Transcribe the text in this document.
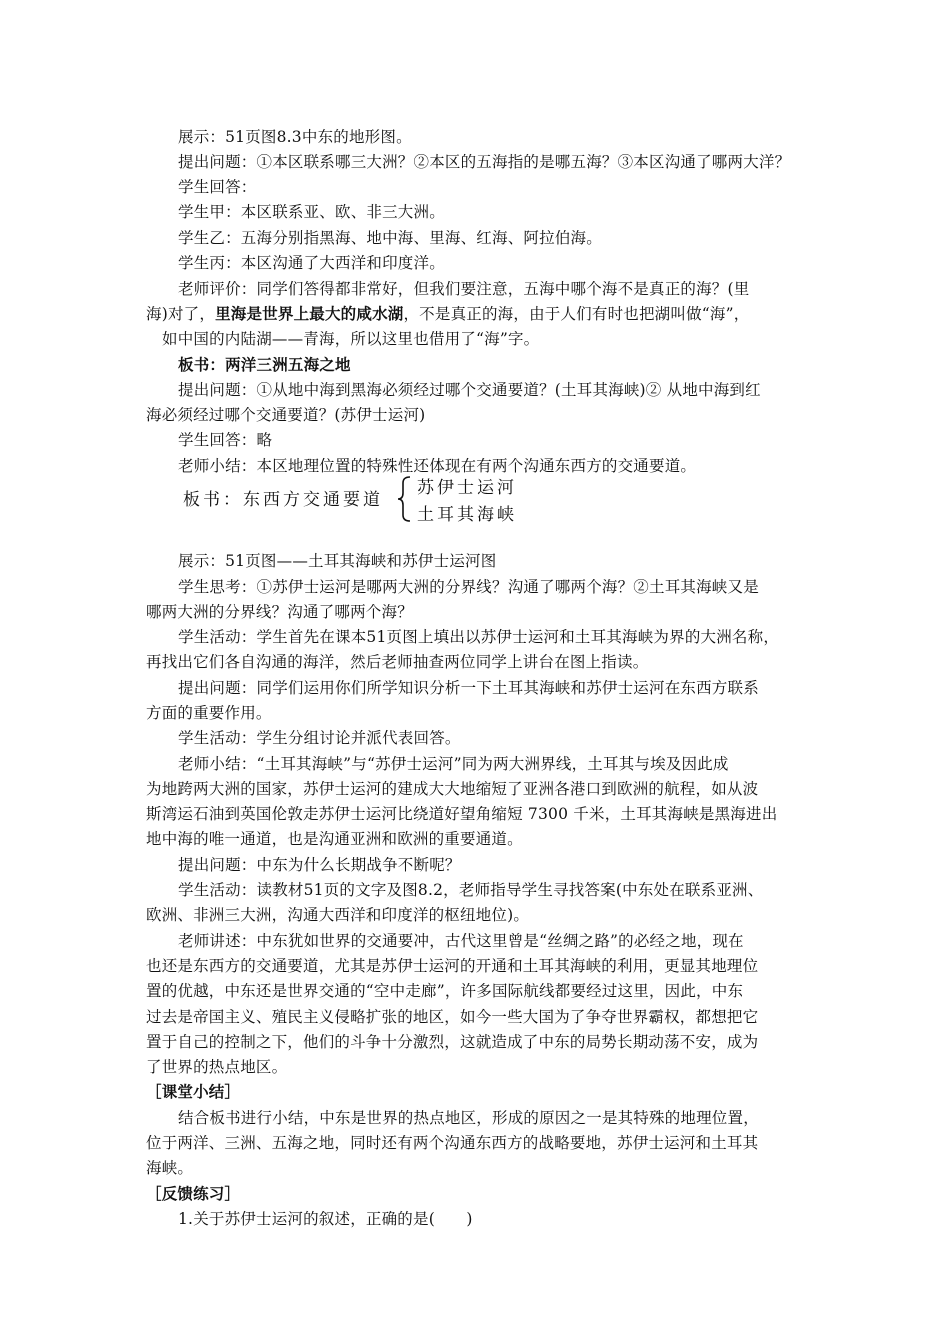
展示：51页图8.3中东的地形图。
提出问题：①本区联系哪三大洲？②本区的五海指的是哪五海？③本区沟通了哪两大洋？
学生回答：
学生甲：本区联系亚、欧、非三大洲。
学生乙：五海分别指黑海、地中海、里海、红海、阿拉伯海。
学生丙：本区沟通了大西洋和印度洋。
老师评价：同学们答得都非常好，但我们要注意，五海中哪个海不是真正的海？(里
海)对了，里海是世界上最大的咸水湖，不是真正的海，由于人们有时也把湖叫做“海”，
如中国的内陆湖——青海，所以这里也借用了“海”字。
板书：两洋三洲五海之地
提出问题：①从地中海到黑海必须经过哪个交通要道？(土耳其海峡)② 从地中海到红
海必须经过哪个交通要道？(苏伊士运河)
学生回答：略
老师小结：本区地理位置的特殊性还体现在有两个沟通东西方的交通要道。
板书：东西方交通要道
苏伊士运河
土耳其海峡
展示：51页图——土耳其海峡和苏伊士运河图
学生思考：①苏伊士运河是哪两大洲的分界线？沟通了哪两个海？②土耳其海峡又是
哪两大洲的分界线？沟通了哪两个海？
学生活动：学生首先在课本51页图上填出以苏伊士运河和土耳其海峡为界的大洲名称，
再找出它们各自沟通的海洋，然后老师抽查两位同学上讲台在图上指读。
提出问题：同学们运用你们所学知识分析一下土耳其海峡和苏伊士运河在东西方联系
方面的重要作用。
学生活动：学生分组讨论并派代表回答。
老师小结：“土耳其海峡”与“苏伊士运河”同为两大洲界线，土耳其与埃及因此成
为地跨两大洲的国家，苏伊士运河的建成大大地缩短了亚洲各港口到欧洲的航程，如从波
斯湾运石油到英国伦敦走苏伊士运河比绕道好望角缩短 7300 千米，土耳其海峡是黑海进出
地中海的唯一通道，也是沟通亚洲和欧洲的重要通道。
提出问题：中东为什么长期战争不断呢？
学生活动：读教材51页的文字及图8.2，老师指导学生寻找答案(中东处在联系亚洲、
欧洲、非洲三大洲，沟通大西洋和印度洋的枢纽地位)。
老师讲述：中东犹如世界的交通要冲，古代这里曾是“丝绸之路”的必经之地，现在
也还是东西方的交通要道，尤其是苏伊士运河的开通和土耳其海峡的利用，更显其地理位
置的优越，中东还是世界交通的“空中走廊”，许多国际航线都要经过这里，因此，中东
过去是帝国主义、殖民主义侵略扩张的地区，如今一些大国为了争夺世界霸权，都想把它
置于自己的控制之下，他们的斗争十分激烈，这就造成了中东的局势长期动荡不安，成为
了世界的热点地区。
［课堂小结］
结合板书进行小结，中东是世界的热点地区，形成的原因之一是其特殊的地理位置，
位于两洋、三洲、五海之地，同时还有两个沟通东西方的战略要地，苏伊士运河和土耳其
海峡。
［反馈练习］
1.关于苏伊士运河的叙述，正确的是(　　)
